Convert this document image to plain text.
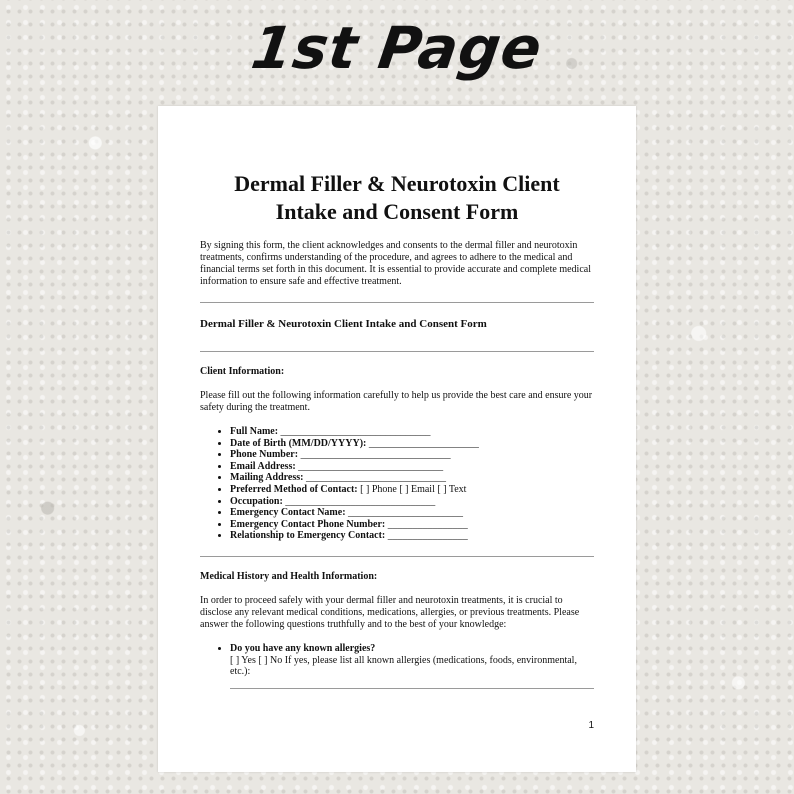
1st Page
Dermal Filler & Neurotoxin Client
Intake and Consent Form

By signing this form, the client acknowledges and consents to the dermal filler and neurotoxin treatments, confirms understanding of the procedure, and agrees to adhere to the medical and financial terms set forth in this document. It is essential to provide accurate and complete medical information to ensure safe and effective treatment.

Dermal Filler & Neurotoxin Client Intake and Consent Form
Client Information:

Please fill out the following information carefully to help us provide the best care and ensure your safety during the treatment.

• Full Name: ______________________________
• Date of Birth (MM/DD/YYYY): ______________________
• Phone Number: ______________________________
• Email Address: _____________________________
• Mailing Address: ____________________________
• Preferred Method of Contact: [ ] Phone [ ] Email [ ] Text
• Occupation: ______________________________
• Emergency Contact Name: _______________________
• Emergency Contact Phone Number: ________________
• Relationship to Emergency Contact: ________________
Medical History and Health Information:

In order to proceed safely with your dermal filler and neurotoxin treatments, it is crucial to disclose any relevant medical conditions, medications, allergies, or previous treatments. Please answer the following questions truthfully and to the best of your knowledge:

• Do you have any known allergies?
[ ] Yes [ ] No If yes, please list all known allergies (medications, foods, environmental, etc.):
1
